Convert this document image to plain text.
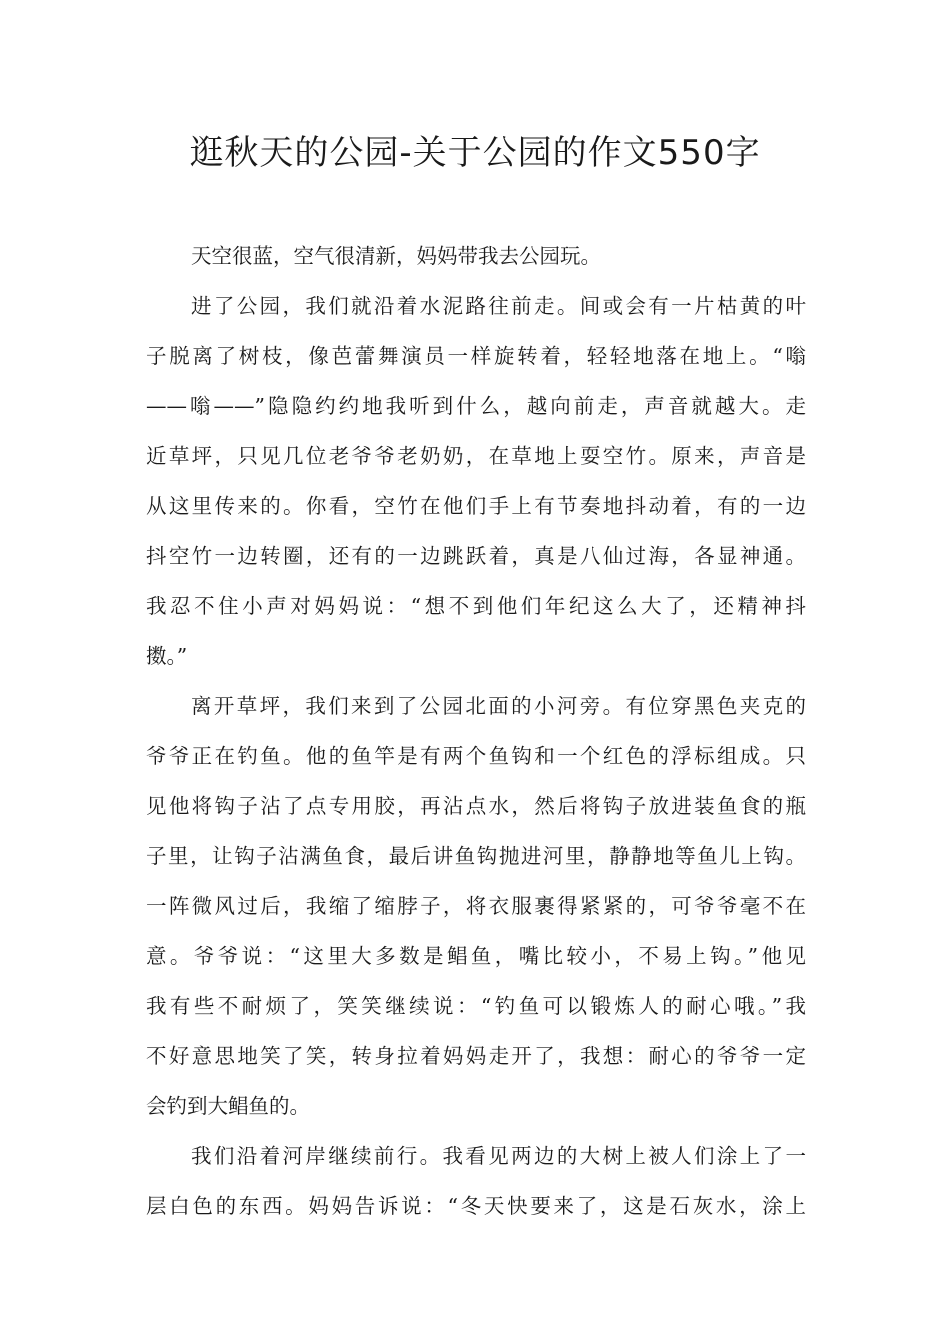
逛秋天的公园-关于公园的作文550字
天空很蓝，空气很清新，妈妈带我去公园玩。
进了公园，我们就沿着水泥路往前走。间或会有一片枯黄的叶
子脱离了树枝，像芭蕾舞演员一样旋转着，轻轻地落在地上。“嗡
——嗡——”隐隐约约地我听到什么，越向前走，声音就越大。走
近草坪，只见几位老爷爷老奶奶，在草地上耍空竹。原来，声音是
从这里传来的。你看，空竹在他们手上有节奏地抖动着，有的一边
抖空竹一边转圈，还有的一边跳跃着，真是八仙过海，各显神通。
我忍不住小声对妈妈说：“想不到他们年纪这么大了，还精神抖
擞。”
离开草坪，我们来到了公园北面的小河旁。有位穿黑色夹克的
爷爷正在钓鱼。他的鱼竿是有两个鱼钩和一个红色的浮标组成。只
见他将钩子沾了点专用胶，再沾点水，然后将钩子放进装鱼食的瓶
子里，让钩子沾满鱼食，最后讲鱼钩抛进河里，静静地等鱼儿上钩。
一阵微风过后，我缩了缩脖子，将衣服裹得紧紧的，可爷爷毫不在
意。爷爷说：“这里大多数是鲳鱼，嘴比较小，不易上钩。”他见
我有些不耐烦了，笑笑继续说：“钓鱼可以锻炼人的耐心哦。”我
不好意思地笑了笑，转身拉着妈妈走开了，我想：耐心的爷爷一定
会钓到大鲳鱼的。
我们沿着河岸继续前行。我看见两边的大树上被人们涂上了一
层白色的东西。妈妈告诉说：“冬天快要来了，这是石灰水，涂上
